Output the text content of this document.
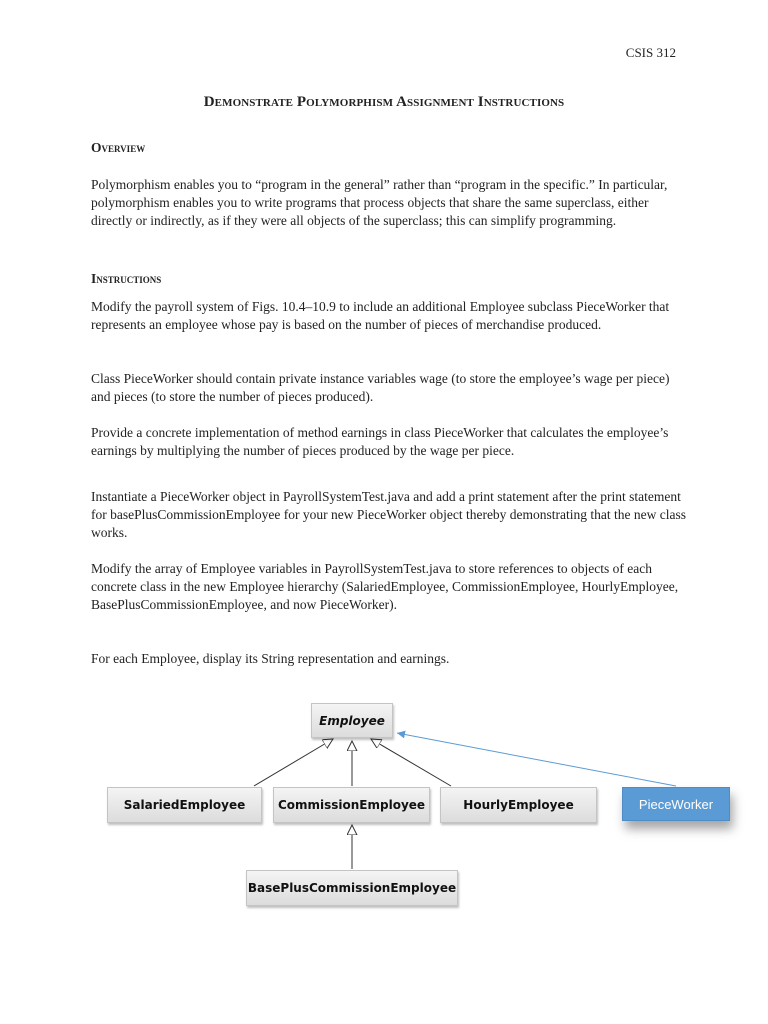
CSIS 312
Demonstrate Polymorphism Assignment Instructions
Overview
Polymorphism enables you to “program in the general” rather than “program in the specific.” In particular, polymorphism enables you to write programs that process objects that share the same superclass, either directly or indirectly, as if they were all objects of the superclass; this can simplify programming.
Instructions
Modify the payroll system of Figs. 10.4–10.9 to include an additional Employee subclass PieceWorker that represents an employee whose pay is based on the number of pieces of merchandise produced.
Class PieceWorker should contain private instance variables wage (to store the employee’s wage per piece) and pieces (to store the number of pieces produced).
Provide a concrete implementation of method earnings in class PieceWorker that calculates the employee’s earnings by multiplying the number of pieces produced by the wage per piece.
Instantiate a PieceWorker object in PayrollSystemTest.java and add a print statement after the print statement for basePlusCommissionEmployee for your new PieceWorker object thereby demonstrating that the new class works.
Modify the array of Employee variables in PayrollSystemTest.java to store references to objects of each concrete class in the new Employee hierarchy (SalariedEmployee, CommissionEmployee, HourlyEmployee, BasePlusCommissionEmployee, and now PieceWorker).
For each Employee, display its String representation and earnings.
Employee
SalariedEmployee	CommissionEmployee	HourlyEmployee	PieceWorker
BasePlusCommissionEmployee
